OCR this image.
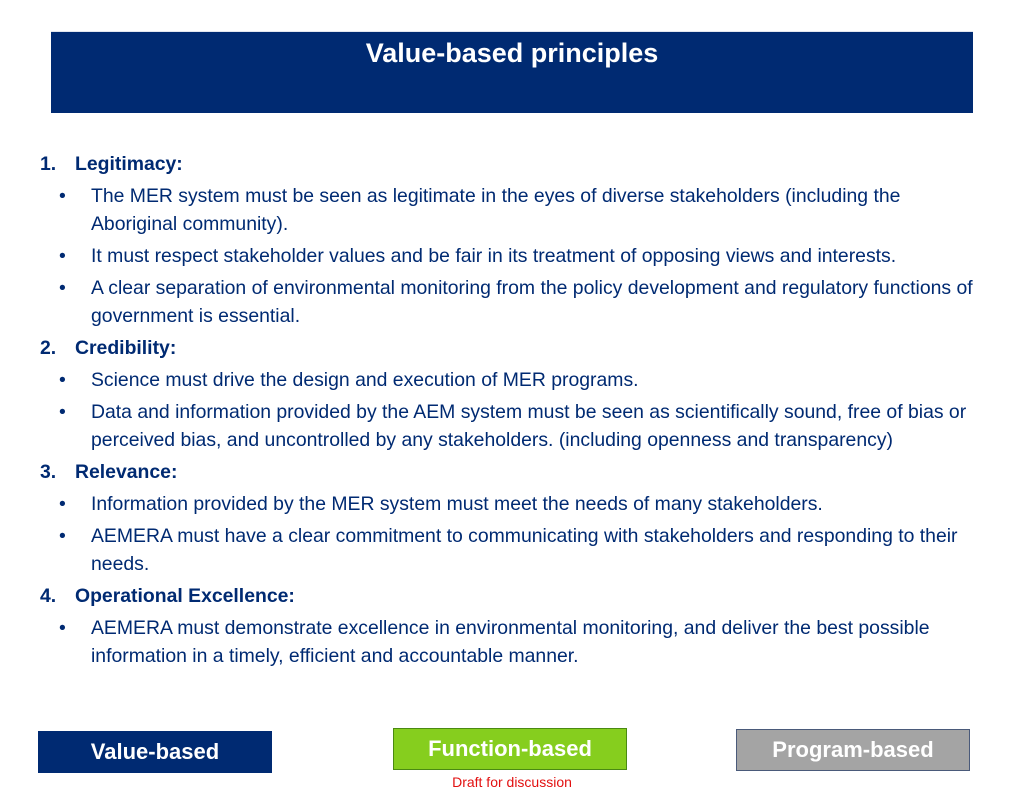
Value-based principles
1. Legitimacy:
•	The MER system must be seen as legitimate in the eyes of diverse stakeholders (including the Aboriginal community).
•	It must respect stakeholder values and be fair in its treatment of opposing views and interests.
•	A clear separation of environmental monitoring from the policy development and regulatory functions of government is essential.
2. Credibility:
•	Science must drive the design and execution of MER programs.
•	Data and information provided by the AEM system must be seen as scientifically sound, free of bias or perceived bias, and uncontrolled by any stakeholders. (including openness and transparency)
3. Relevance:
•	Information provided by the MER system must meet the needs of many stakeholders.
•	AEMERA must have a clear commitment to communicating with stakeholders and responding to their needs.
4. Operational Excellence:
•	AEMERA must demonstrate excellence in environmental monitoring, and deliver the best possible information in a timely, efficient and accountable manner.
Value-based	Function-based	Program-based
Draft for discussion
